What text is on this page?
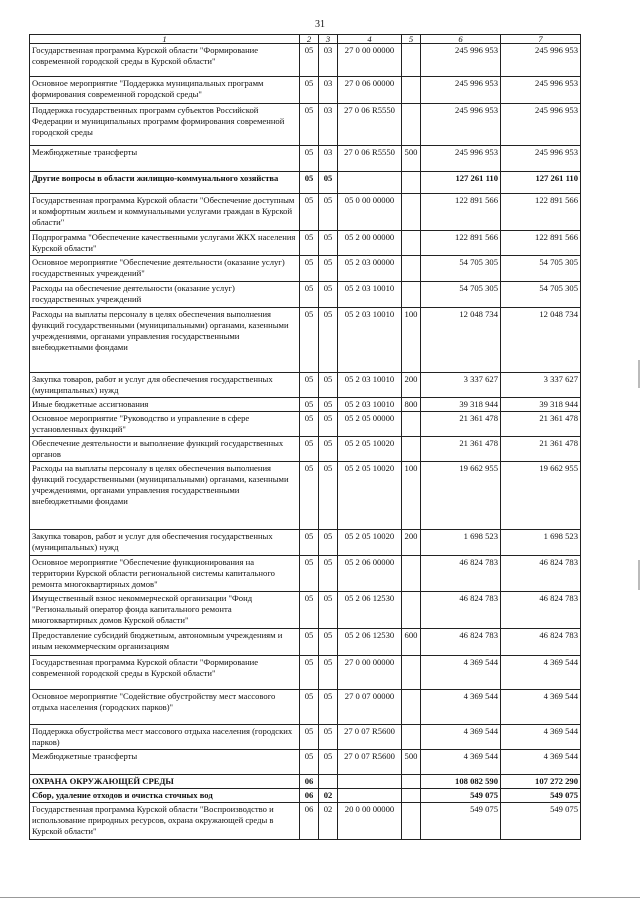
31
1	2	3	4	5	6	7
Государственная программа Курской области "Формирование современной городской среды в Курской области"	05	03	27 0 00 00000		245 996 953	245 996 953
Основное мероприятие "Поддержка муниципальных программ формирования современной городской среды"	05	03	27 0 06 00000		245 996 953	245 996 953
Поддержка государственных программ субъектов Российской Федерации и муниципальных программ формирования современной городской среды	05	03	27 0 06 R5550		245 996 953	245 996 953
Межбюджетные трансферты	05	03	27 0 06 R5550	500	245 996 953	245 996 953
Другие вопросы в области жилищно-коммунального хозяйства	05	05			127 261 110	127 261 110
Государственная программа Курской области "Обеспечение доступным и комфортным жильем и коммунальными услугами граждан в Курской области"	05	05	05 0 00 00000		122 891 566	122 891 566
Подпрограмма "Обеспечение качественными услугами ЖКХ населения Курской области"	05	05	05 2 00 00000		122 891 566	122 891 566
Основное мероприятие "Обеспечение деятельности (оказание услуг) государственных учреждений"	05	05	05 2 03 00000		54 705 305	54 705 305
Расходы на обеспечение деятельности (оказание услуг) государственных учреждений	05	05	05 2 03 10010		54 705 305	54 705 305
Расходы на выплаты персоналу в целях обеспечения выполнения функций государственными (муниципальными) органами, казенными учреждениями, органами управления государственными внебюджетными фондами	05	05	05 2 03 10010	100	12 048 734	12 048 734
Закупка товаров, работ и услуг для обеспечения государственных (муниципальных) нужд	05	05	05 2 03 10010	200	3 337 627	3 337 627
Иные бюджетные ассигнования	05	05	05 2 03 10010	800	39 318 944	39 318 944
Основное мероприятие "Руководство и управление в сфере установленных функций"	05	05	05 2 05 00000		21 361 478	21 361 478
Обеспечение деятельности и выполнение функций государственных органов	05	05	05 2 05 10020		21 361 478	21 361 478
Расходы на выплаты персоналу в целях обеспечения выполнения функций государственными (муниципальными) органами, казенными учреждениями, органами управления государственными внебюджетными фондами	05	05	05 2 05 10020	100	19 662 955	19 662 955
Закупка товаров, работ и услуг для обеспечения государственных (муниципальных) нужд	05	05	05 2 05 10020	200	1 698 523	1 698 523
Основное мероприятие "Обеспечение функционирования на территории Курской области региональной системы капитального ремонта многоквартирных домов"	05	05	05 2 06 00000		46 824 783	46 824 783
Имущественный взнос некоммерческой организации "Фонд "Региональный оператор фонда капитального ремонта многоквартирных домов Курской области"	05	05	05 2 06 12530		46 824 783	46 824 783
Предоставление субсидий бюджетным, автономным учреждениям и иным некоммерческим организациям	05	05	05 2 06 12530	600	46 824 783	46 824 783
Государственная программа Курской области "Формирование современной городской среды в Курской области"	05	05	27 0 00 00000		4 369 544	4 369 544
Основное мероприятие "Содействие обустройству мест массового отдыха населения (городских парков)"	05	05	27 0 07 00000		4 369 544	4 369 544
Поддержка обустройства мест массового отдыха населения (городских парков)	05	05	27 0 07 R5600		4 369 544	4 369 544
Межбюджетные трансферты	05	05	27 0 07 R5600	500	4 369 544	4 369 544
ОХРАНА ОКРУЖАЮЩЕЙ СРЕДЫ	06				108 082 590	107 272 290
Сбор, удаление отходов и очистка сточных вод	06	02			549 075	549 075
Государственная программа Курской области "Воспроизводство и использование природных ресурсов, охрана окружающей среды в Курской области"	06	02	20 0 00 00000		549 075	549 075
